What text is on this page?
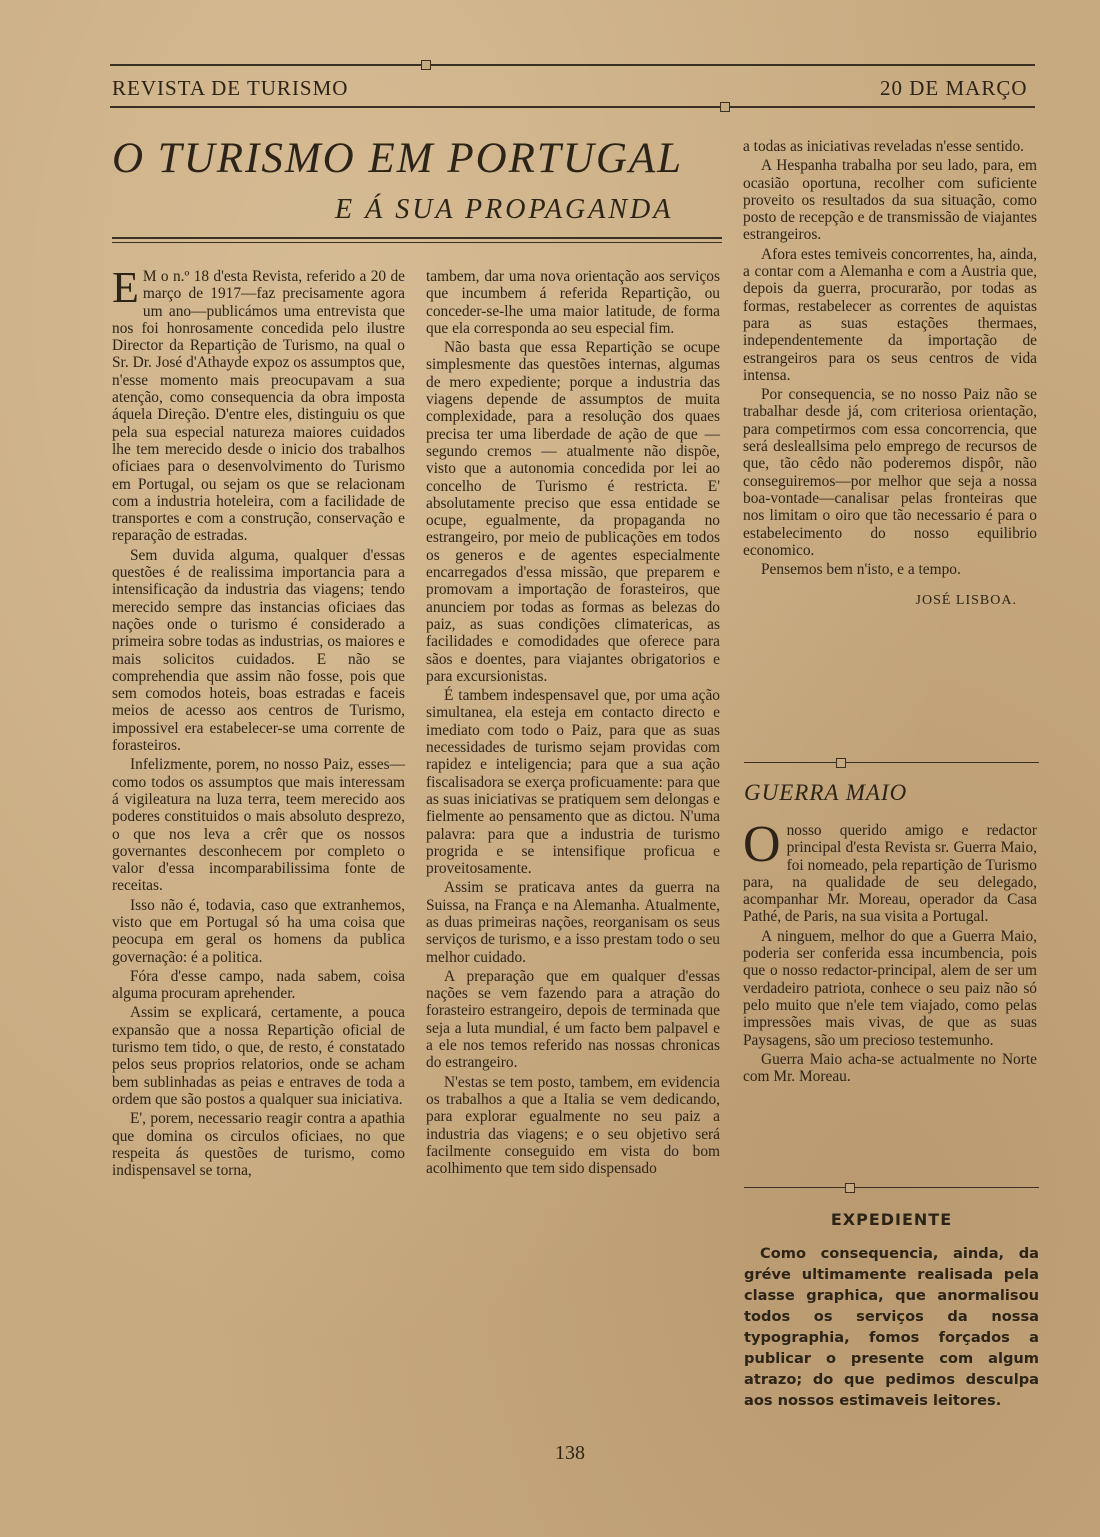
REVISTA DE TURISMO	20 DE MARÇO
O TURISMO EM PORTUGAL
E Á SUA PROPAGANDA

E M o n.º 18 d'esta Revista, referido a 20 de março de 1917—faz precisamente agora um ano—publicámos uma entrevista que nos foi honrosamente concedida pelo ilustre Director da Repartição de Turismo, na qual o Sr. Dr. José d'Athayde expoz os assumptos que, n'esse momento mais preocupavam a sua atenção, como consequencia da obra imposta áquela Direção. D'entre eles, distinguiu os que pela sua especial natureza maiores cuidados lhe tem merecido desde o inicio dos trabalhos oficiaes para o desenvolvimento do Turismo em Portugal, ou sejam os que se relacionam com a industria hoteleira, com a facilidade de transportes e com a construção, conservação e reparação de estradas.

Sem duvida alguma, qualquer d'essas questões é de realissima importancia para a intensificação da industria das viagens; tendo merecido sempre das instancias oficiaes das nações onde o turismo é considerado a primeira sobre todas as industrias, os maiores e mais solicitos cuidados. E não se comprehendia que assim não fosse, pois que sem comodos hoteis, boas estradas e faceis meios de acesso aos centros de Turismo, impossivel era estabelecer-se uma corrente de forasteiros.

Infelizmente, porem, no nosso Paiz, esses—como todos os assumptos que mais interessam á vigileatura na luza terra, teem merecido aos poderes constituidos o mais absoluto desprezo, o que nos leva a crêr que os nossos governantes desconhecem por completo o valor d'essa incomparabilissima fonte de receitas.

Isso não é, todavia, caso que extranhemos, visto que em Portugal só ha uma coisa que peocupa em geral os homens da publica governação: é a politica.

Fóra d'esse campo, nada sabem, coisa alguma procuram aprehender.

Assim se explicará, certamente, a pouca expansão que a nossa Repartição oficial de turismo tem tido, o que, de resto, é constatado pelos seus proprios relatorios, onde se acham bem sublinhadas as peias e entraves de toda a ordem que são postos a qualquer sua iniciativa.

E', porem, necessario reagir contra a apathia que domina os circulos oficiaes, no que respeita ás questões de turismo, como indispensavel se torna,

tambem, dar uma nova orientação aos serviços que incumbem á referida Repartição, ou conceder-se-lhe uma maior latitude, de forma que ela corresponda ao seu especial fim.

Não basta que essa Repartição se ocupe simplesmente das questões internas, algumas de mero expediente; porque a industria das viagens depende de assumptos de muita complexidade, para a resolução dos quaes precisa ter uma liberdade de ação de que — segundo cremos — atualmente não dispõe, visto que a autonomia concedida por lei ao concelho de Turismo é restricta. E' absolutamente preciso que essa entidade se ocupe, egualmente, da propaganda no estrangeiro, por meio de publicações em todos os generos e de agentes especialmente encarregados d'essa missão, que preparem e promovam a importação de forasteiros, que anunciem por todas as formas as belezas do paiz, as suas condições climatericas, as facilidades e comodidades que oferece para sãos e doentes, para viajantes obrigatorios e para excursionistas.

É tambem indespensavel que, por uma ação simultanea, ela esteja em contacto directo e imediato com todo o Paiz, para que as suas necessidades de turismo sejam providas com rapidez e inteligencia; para que a sua ação fiscalisadora se exerça proficuamente: para que as suas iniciativas se pratiquem sem delongas e fielmente ao pensamento que as dictou. N'uma palavra: para que a industria de turismo progrida e se intensifique proficua e proveitosamente.

Assim se praticava antes da guerra na Suissa, na França e na Alemanha. Atualmente, as duas primeiras nações, reorganisam os seus serviços de turismo, e a isso prestam todo o seu melhor cuidado.

A preparação que em qualquer d'essas nações se vem fazendo para a atração do forasteiro estrangeiro, depois de terminada que seja a luta mundial, é um facto bem palpavel e a ele nos temos referido nas nossas chronicas do estrangeiro.

N'estas se tem posto, tambem, em evidencia os trabalhos a que a Italia se vem dedicando, para explorar egualmente no seu paiz a industria das viagens; e o seu objetivo será facilmente conseguido em vista do bom acolhimento que tem sido dispensado

a todas as iniciativas reveladas n'esse sentido.

A Hespanha trabalha por seu lado, para, em ocasião oportuna, recolher com suficiente proveito os resultados da sua situação, como posto de recepção e de transmissão de viajantes estrangeiros.

Afora estes temiveis concorrentes, ha, ainda, a contar com a Alemanha e com a Austria que, depois da guerra, procurarão, por todas as formas, restabelecer as correntes de aquistas para as suas estações thermaes, independentemente da importação de estrangeiros para os seus centros de vida intensa.

Por consequencia, se no nosso Paiz não se trabalhar desde já, com criteriosa orientação, para competirmos com essa concorrencia, que será desleallsima pelo emprego de recursos de que, tão cêdo não poderemos dispôr, não conseguiremos—por melhor que seja a nossa boa-vontade—canalisar pelas fronteiras que nos limitam o oiro que tão necessario é para o estabelecimento do nosso equilibrio economico.

Pensemos bem n'isto, e a tempo.

JOSÉ LISBOA.
GUERRA MAIO

Onosso querido amigo e redactor principal d'esta Revista sr. Guerra Maio, foi nomeado, pela repartição de Turismo para, na qualidade de seu delegado, acompanhar Mr. Moreau, operador da Casa Pathé, de Paris, na sua visita a Portugal.

A ninguem, melhor do que a Guerra Maio, poderia ser conferida essa incumbencia, pois que o nosso redactor-principal, alem de ser um verdadeiro patriota, conhece o seu paiz não só pelo muito que n'ele tem viajado, como pelas impressões mais vivas, de que as suas Paysagens, são um precioso testemunho.

Guerra Maio acha-se actualmente no Norte com Mr. Moreau.

EXPEDIENTE
Como consequencia, ainda, da gréve ultimamente realisada pela classe graphica, que anormalisou todos os serviços da nossa typographia, fomos forçados a publicar o presente com algum atrazo; do que pedimos desculpa aos nossos estimaveis leitores.
138
